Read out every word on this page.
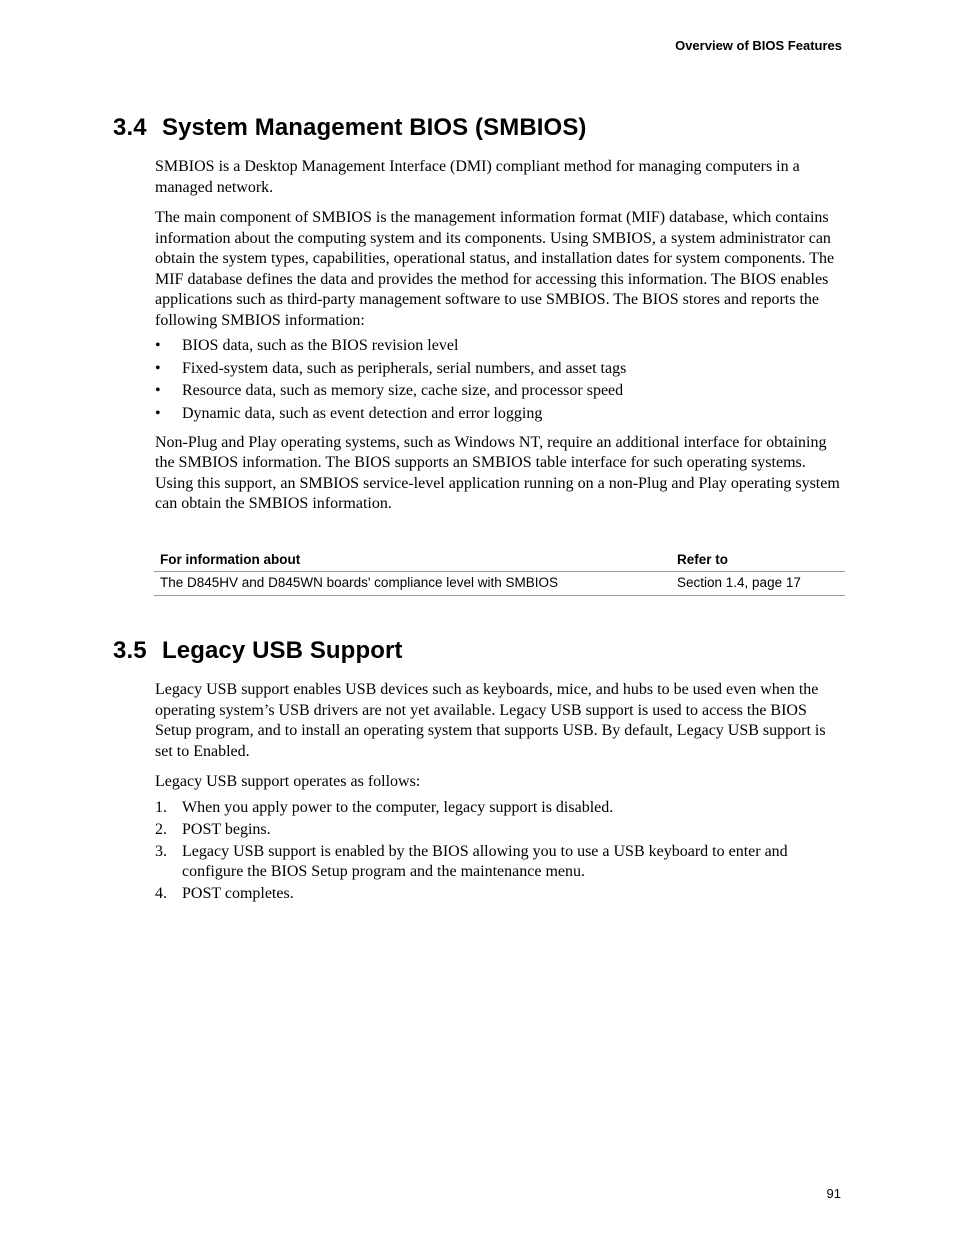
Overview of BIOS Features
3.4 System Management BIOS (SMBIOS)

SMBIOS is a Desktop Management Interface (DMI) compliant method for managing computers in a managed network.

The main component of SMBIOS is the management information format (MIF) database, which contains information about the computing system and its components. Using SMBIOS, a system administrator can obtain the system types, capabilities, operational status, and installation dates for system components. The MIF database defines the data and provides the method for accessing this information. The BIOS enables applications such as third-party management software to use SMBIOS. The BIOS stores and reports the following SMBIOS information:

• BIOS data, such as the BIOS revision level
• Fixed-system data, such as peripherals, serial numbers, and asset tags
• Resource data, such as memory size, cache size, and processor speed
• Dynamic data, such as event detection and error logging

Non-Plug and Play operating systems, such as Windows NT, require an additional interface for obtaining the SMBIOS information. The BIOS supports an SMBIOS table interface for such operating systems. Using this support, an SMBIOS service-level application running on a non-Plug and Play operating system can obtain the SMBIOS information.

For information about	Refer to
The D845HV and D845WN boards' compliance level with SMBIOS	Section 1.4, page 17
3.5 Legacy USB Support

Legacy USB support enables USB devices such as keyboards, mice, and hubs to be used even when the operating system’s USB drivers are not yet available. Legacy USB support is used to access the BIOS Setup program, and to install an operating system that supports USB. By default, Legacy USB support is set to Enabled.

Legacy USB support operates as follows:

1. When you apply power to the computer, legacy support is disabled.
2. POST begins.
3. Legacy USB support is enabled by the BIOS allowing you to use a USB keyboard to enter and configure the BIOS Setup program and the maintenance menu.
4. POST completes.
91
